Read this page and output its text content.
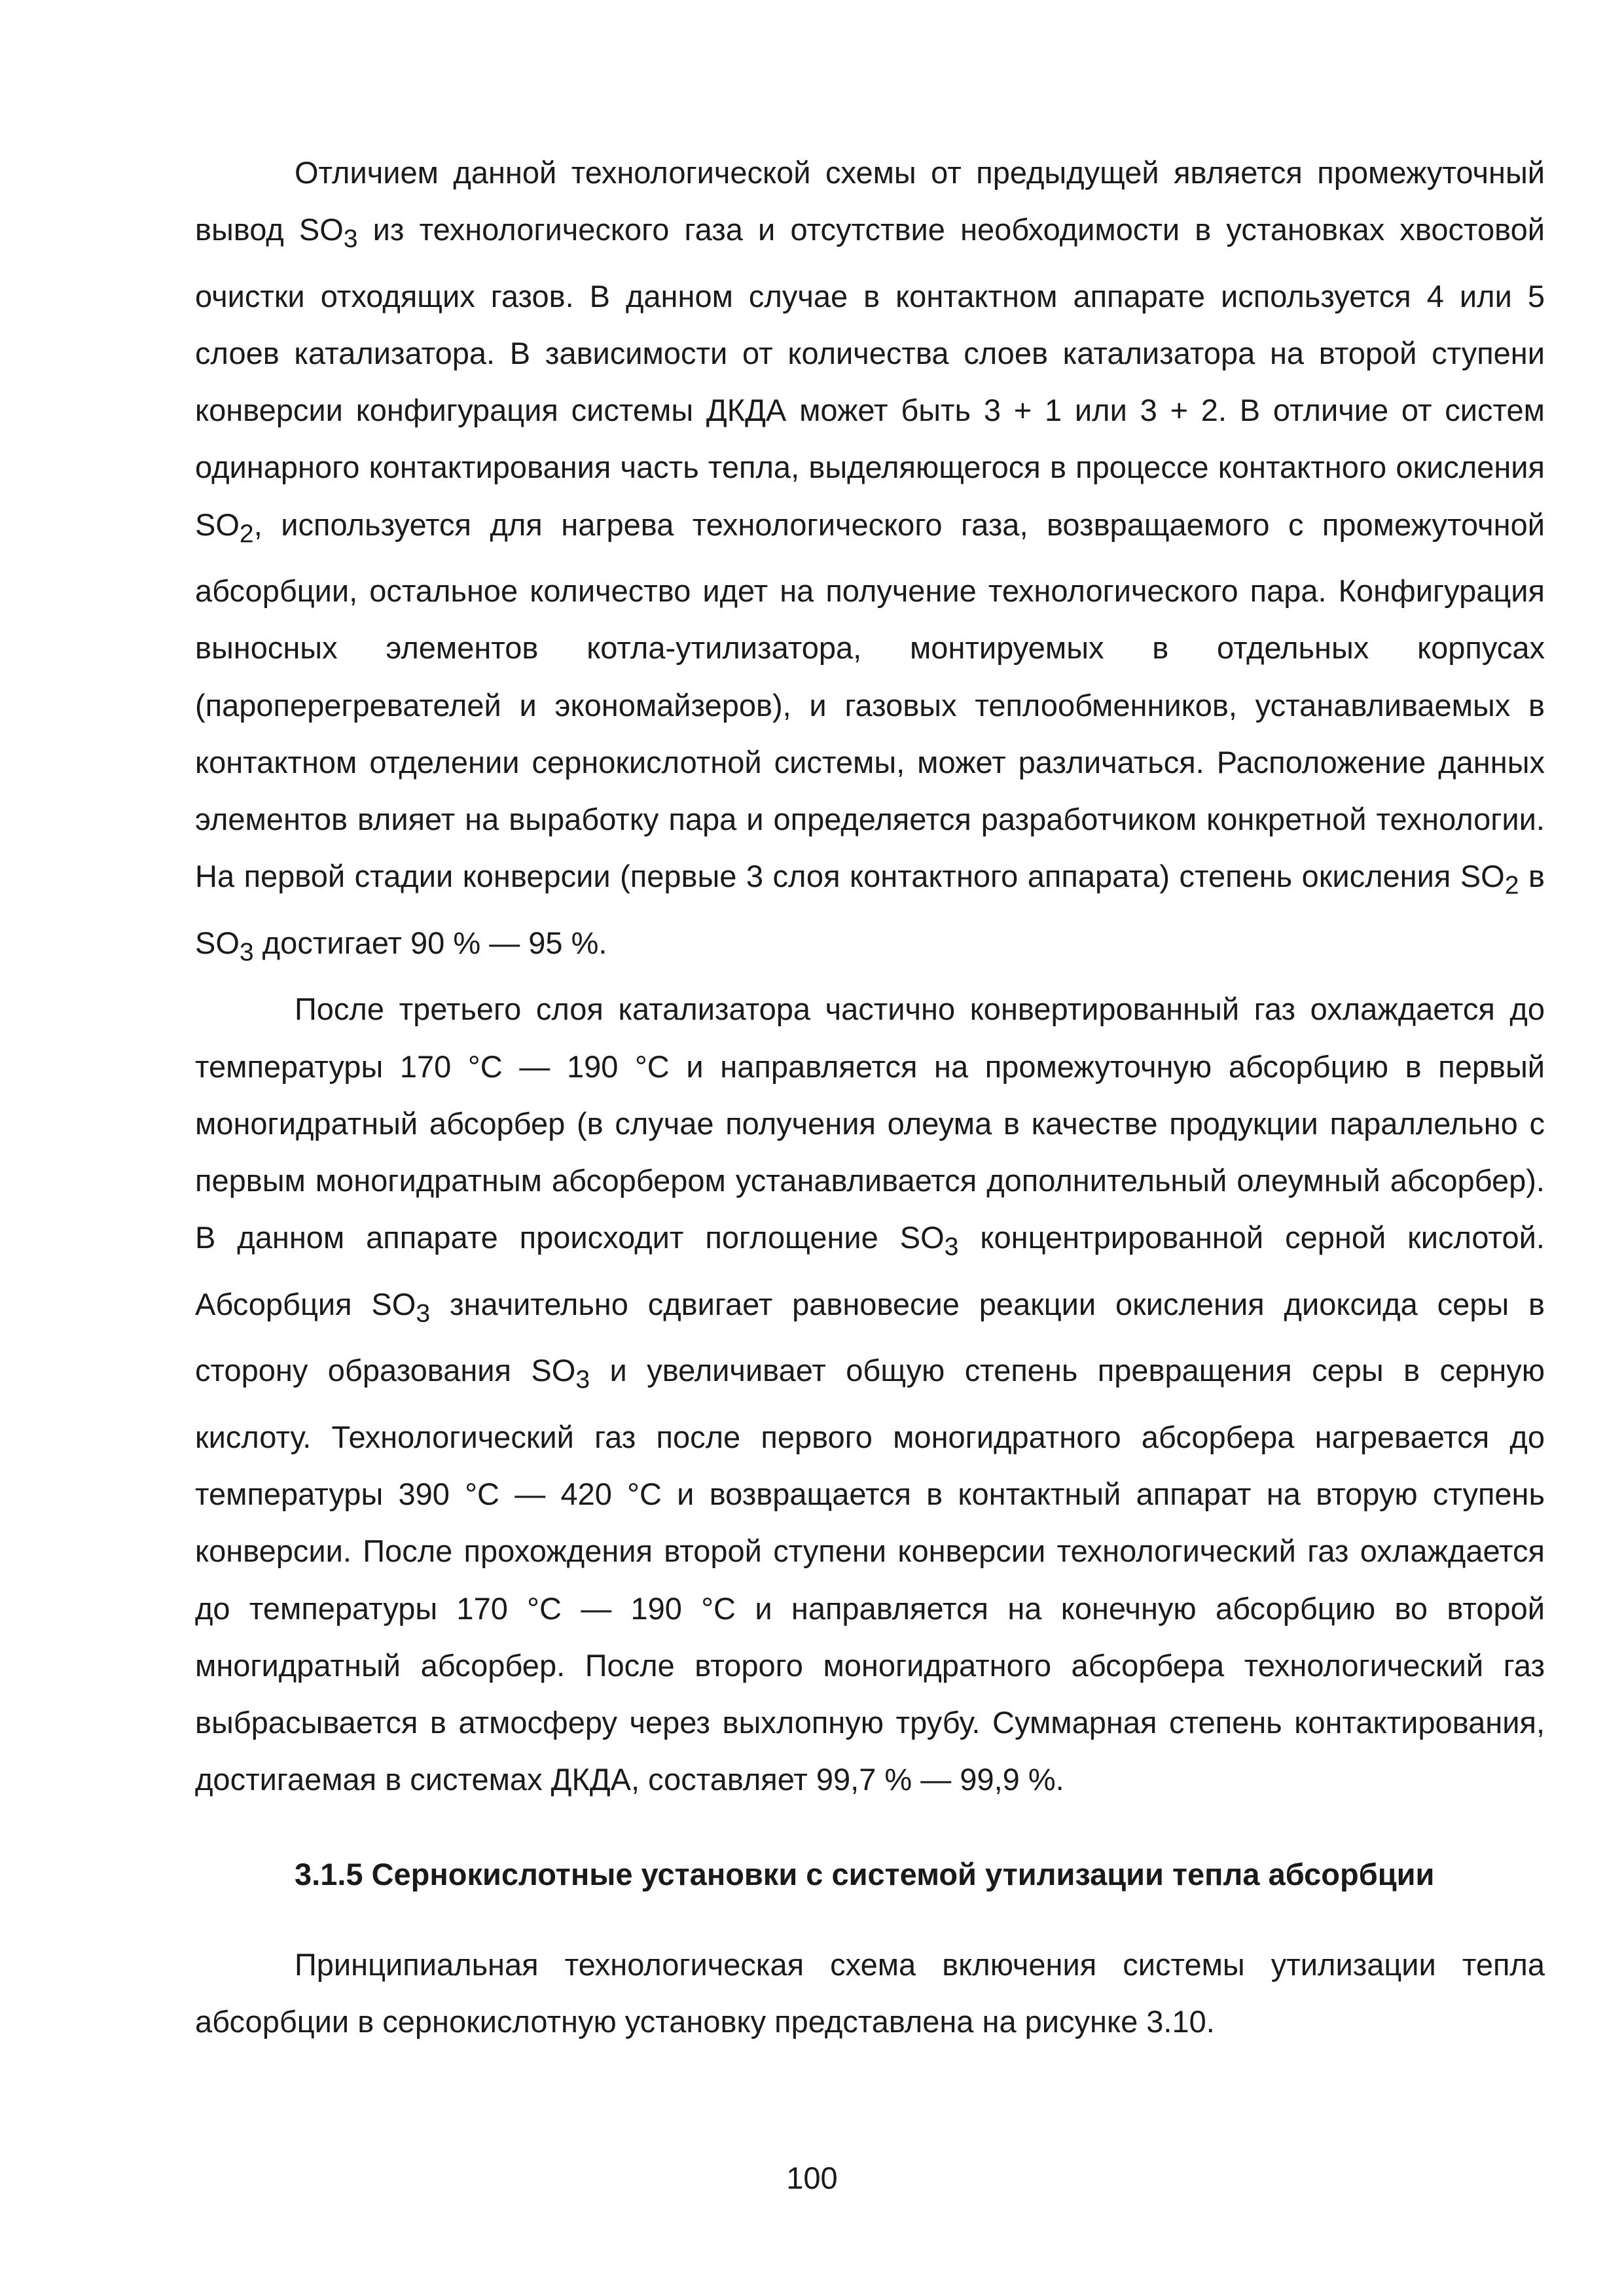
Отличием данной технологической схемы от предыдущей является промежуточный вывод $SO_3$ из технологического газа и отсутствие необходимости в установках хвостовой очистки отходящих газов. В данном случае в контактном аппарате используется 4 или 5 слоев катализатора. В зависимости от количества слоев катализатора на второй ступени конверсии конфигурация системы ДКДА может быть 3 + 1 или 3 + 2. В отличие от систем одинарного контактирования часть тепла, выделяющегося в процессе контактного окисления $SO_2$, используется для нагрева технологического газа, возвращаемого с промежуточной абсорбции, остальное количество идет на получение технологического пара. Конфигурация выносных элементов котла-утилизатора, монтируемых в отдельных корпусах (пароперегревателей и экономайзеров), и газовых теплообменников, устанавливаемых в контактном отделении сернокислотной системы, может различаться. Расположение данных элементов влияет на выработку пара и определяется разработчиком конкретной технологии. На первой стадии конверсии (первые 3 слоя контактного аппарата) степень окисления $SO_2$ в $SO_3$ достигает 90 % — 95 %.

После третьего слоя катализатора частично конвертированный газ охлаждается до температуры 170 °С — 190 °С и направляется на промежуточную абсорбцию в первый моногидратный абсорбер (в случае получения олеума в качестве продукции параллельно с первым моногидратным абсорбером устанавливается дополнительный олеумный абсорбер). В данном аппарате происходит поглощение $SO_3$ концентрированной серной кислотой. Абсорбция $SO_3$ значительно сдвигает равновесие реакции окисления диоксида серы в сторону образования $SO_3$ и увеличивает общую степень превращения серы в серную кислоту. Технологический газ после первого моногидратного абсорбера нагревается до температуры 390 °С — 420 °С и возвращается в контактный аппарат на вторую ступень конверсии. После прохождения второй ступени конверсии технологический газ охлаждается до температуры 170 °С — 190 °С и направляется на конечную абсорбцию во второй многидратный абсорбер. После второго моногидратного абсорбера технологический газ выбрасывается в атмосферу через выхлопную трубу. Суммарная степень контактирования, достигаемая в системах ДКДА, составляет 99,7 % — 99,9 %.

3.1.5 Сернокислотные установки с системой утилизации тепла абсорбции

Принципиальная технологическая схема включения системы утилизации тепла абсорбции в сернокислотную установку представлена на рисунке 3.10.

100
